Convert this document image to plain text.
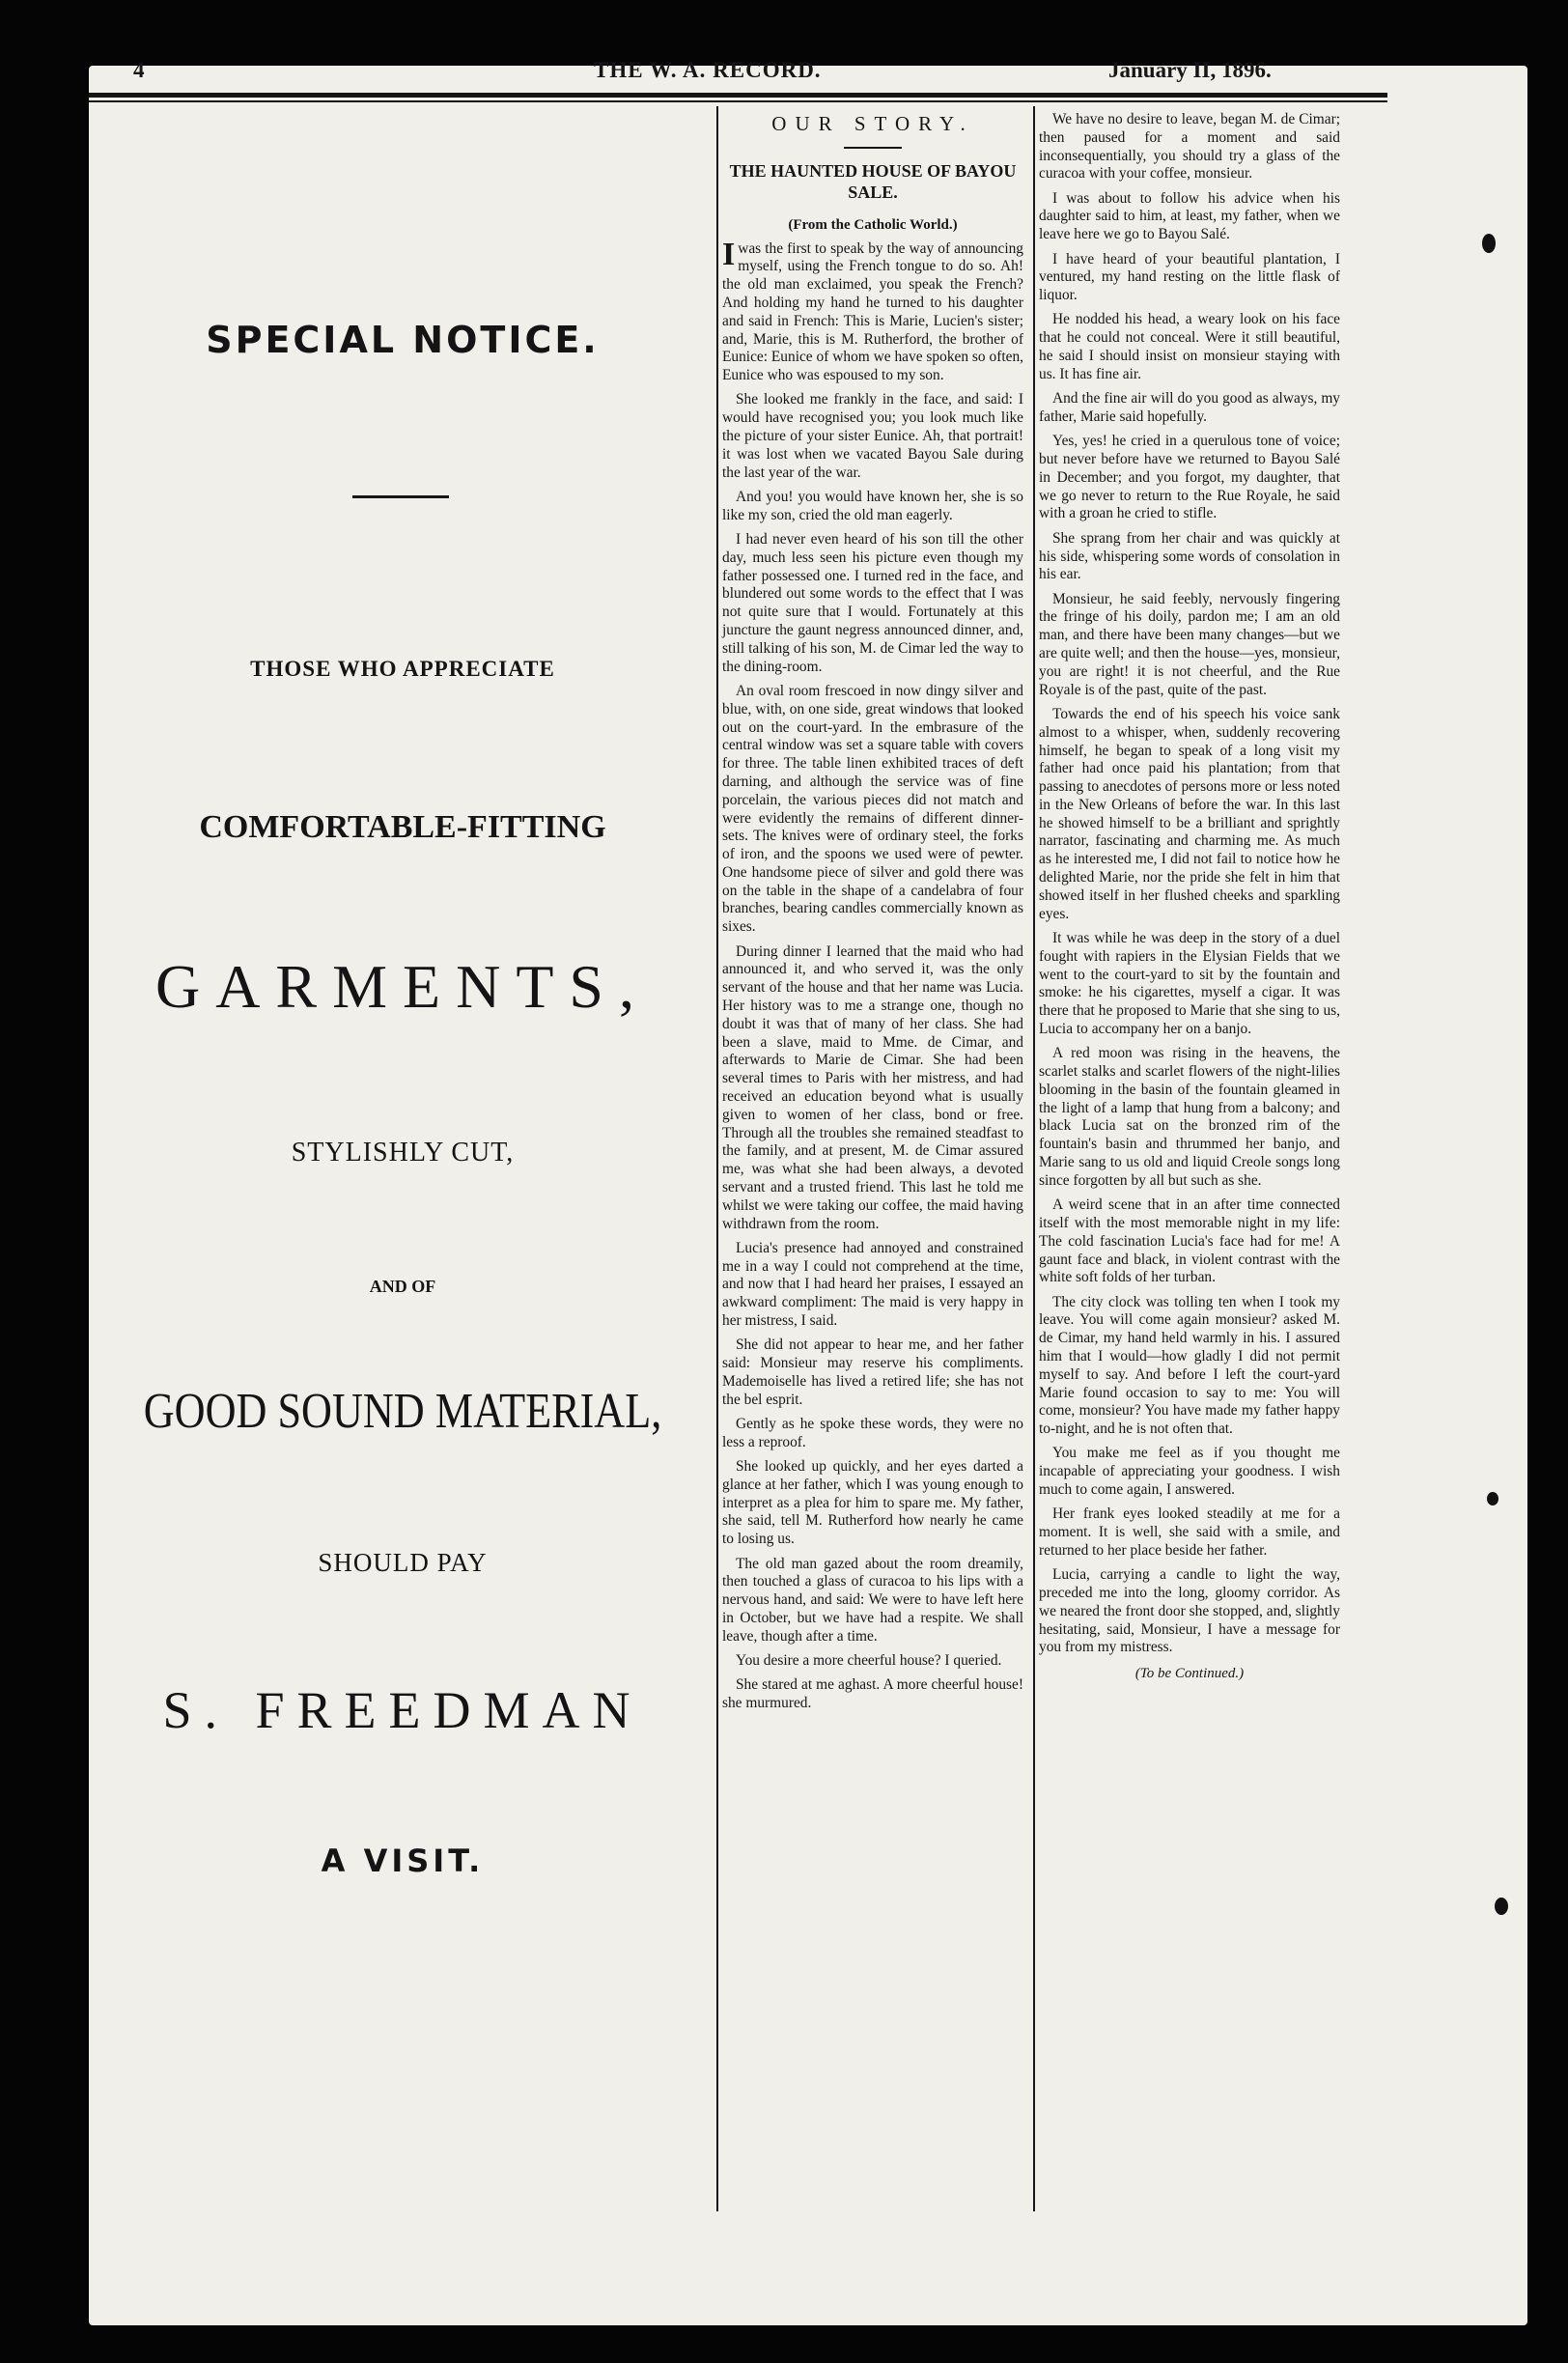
4	THE W. A. RECORD.	January II, 1896.
SPECIAL NOTICE.
THOSE WHO APPRECIATE
COMFORTABLE-FITTING
GARMENTS,
STYLISHLY CUT,
AND OF
GOOD SOUND MATERIAL,
SHOULD PAY
S. FREEDMAN
A VISIT.
OUR STORY.
THE HAUNTED HOUSE OF BAYOU SALE.
(From the Catholic World.)

Iwas the first to speak by the way of announcing myself, using the French tongue to do so. Ah! the old man exclaimed, you speak the French? And holding my hand he turned to his daughter and said in French: This is Marie, Lucien's sister; and, Marie, this is M. Rutherford, the brother of Eunice: Eunice of whom we have spoken so often, Eunice who was espoused to my son.

She looked me frankly in the face, and said: I would have recognised you; you look much like the picture of your sister Eunice. Ah, that portrait! it was lost when we vacated Bayou Sale during the last year of the war.

And you! you would have known her, she is so like my son, cried the old man eagerly.

I had never even heard of his son till the other day, much less seen his picture even though my father possessed one. I turned red in the face, and blundered out some words to the effect that I was not quite sure that I would. Fortunately at this juncture the gaunt negress announced dinner, and, still talking of his son, M. de Cimar led the way to the dining-room.

An oval room frescoed in now dingy silver and blue, with, on one side, great windows that looked out on the court-yard. In the embrasure of the central window was set a square table with covers for three. The table linen exhibited traces of deft darning, and although the service was of fine porcelain, the various pieces did not match and were evidently the remains of different dinner-sets. The knives were of ordinary steel, the forks of iron, and the spoons we used were of pewter. One handsome piece of silver and gold there was on the table in the shape of a candelabra of four branches, bearing candles commercially known as sixes.

During dinner I learned that the maid who had announced it, and who served it, was the only servant of the house and that her name was Lucia. Her history was to me a strange one, though no doubt it was that of many of her class. She had been a slave, maid to Mme. de Cimar, and afterwards to Marie de Cimar. She had been several times to Paris with her mistress, and had received an education beyond what is usually given to women of her class, bond or free. Through all the troubles she remained steadfast to the family, and at present, M. de Cimar assured me, was what she had been always, a devoted servant and a trusted friend. This last he told me whilst we were taking our coffee, the maid having withdrawn from the room.

Lucia's presence had annoyed and constrained me in a way I could not comprehend at the time, and now that I had heard her praises, I essayed an awkward compliment: The maid is very happy in her mistress, I said.

She did not appear to hear me, and her father said: Monsieur may reserve his compliments. Mademoiselle has lived a retired life; she has not the bel esprit.

Gently as he spoke these words, they were no less a reproof.

She looked up quickly, and her eyes darted a glance at her father, which I was young enough to interpret as a plea for him to spare me. My father, she said, tell M. Rutherford how nearly he came to losing us.

The old man gazed about the room dreamily, then touched a glass of curacoa to his lips with a nervous hand, and said: We were to have left here in October, but we have had a respite. We shall leave, though after a time.

You desire a more cheerful house? I queried.

She stared at me aghast. A more cheerful house! she murmured.

We have no desire to leave, began M. de Cimar; then paused for a moment and said inconsequentially, you should try a glass of the curacoa with your coffee, monsieur.

I was about to follow his advice when his daughter said to him, at least, my father, when we leave here we go to Bayou Salé.

I have heard of your beautiful plantation, I ventured, my hand resting on the little flask of liquor.

He nodded his head, a weary look on his face that he could not conceal. Were it still beautiful, he said I should insist on monsieur staying with us. It has fine air.

And the fine air will do you good as always, my father, Marie said hopefully.

Yes, yes! he cried in a querulous tone of voice; but never before have we returned to Bayou Salé in December; and you forgot, my daughter, that we go never to return to the Rue Royale, he said with a groan he cried to stifle.

She sprang from her chair and was quickly at his side, whispering some words of consolation in his ear.

Monsieur, he said feebly, nervously fingering the fringe of his doily, pardon me; I am an old man, and there have been many changes—but we are quite well; and then the house—yes, monsieur, you are right! it is not cheerful, and the Rue Royale is of the past, quite of the past.

Towards the end of his speech his voice sank almost to a whisper, when, suddenly recovering himself, he began to speak of a long visit my father had once paid his plantation; from that passing to anecdotes of persons more or less noted in the New Orleans of before the war. In this last he showed himself to be a brilliant and sprightly narrator, fascinating and charming me. As much as he interested me, I did not fail to notice how he delighted Marie, nor the pride she felt in him that showed itself in her flushed cheeks and sparkling eyes.

It was while he was deep in the story of a duel fought with rapiers in the Elysian Fields that we went to the court-yard to sit by the fountain and smoke: he his cigarettes, myself a cigar. It was there that he proposed to Marie that she sing to us, Lucia to accompany her on a banjo.

A red moon was rising in the heavens, the scarlet stalks and scarlet flowers of the night-lilies blooming in the basin of the fountain gleamed in the light of a lamp that hung from a balcony; and black Lucia sat on the bronzed rim of the fountain's basin and thrummed her banjo, and Marie sang to us old and liquid Creole songs long since forgotten by all but such as she.

A weird scene that in an after time connected itself with the most memorable night in my life: The cold fascination Lucia's face had for me! A gaunt face and black, in violent contrast with the white soft folds of her turban.

The city clock was tolling ten when I took my leave. You will come again monsieur? asked M. de Cimar, my hand held warmly in his. I assured him that I would—how gladly I did not permit myself to say. And before I left the court-yard Marie found occasion to say to me: You will come, monsieur? You have made my father happy to-night, and he is not often that.

You make me feel as if you thought me incapable of appreciating your goodness. I wish much to come again, I answered.

Her frank eyes looked steadily at me for a moment. It is well, she said with a smile, and returned to her place beside her father.

Lucia, carrying a candle to light the way, preceded me into the long, gloomy corridor. As we neared the front door she stopped, and, slightly hesitating, said, Monsieur, I have a message for you from my mistress.

(To be Continued.)
